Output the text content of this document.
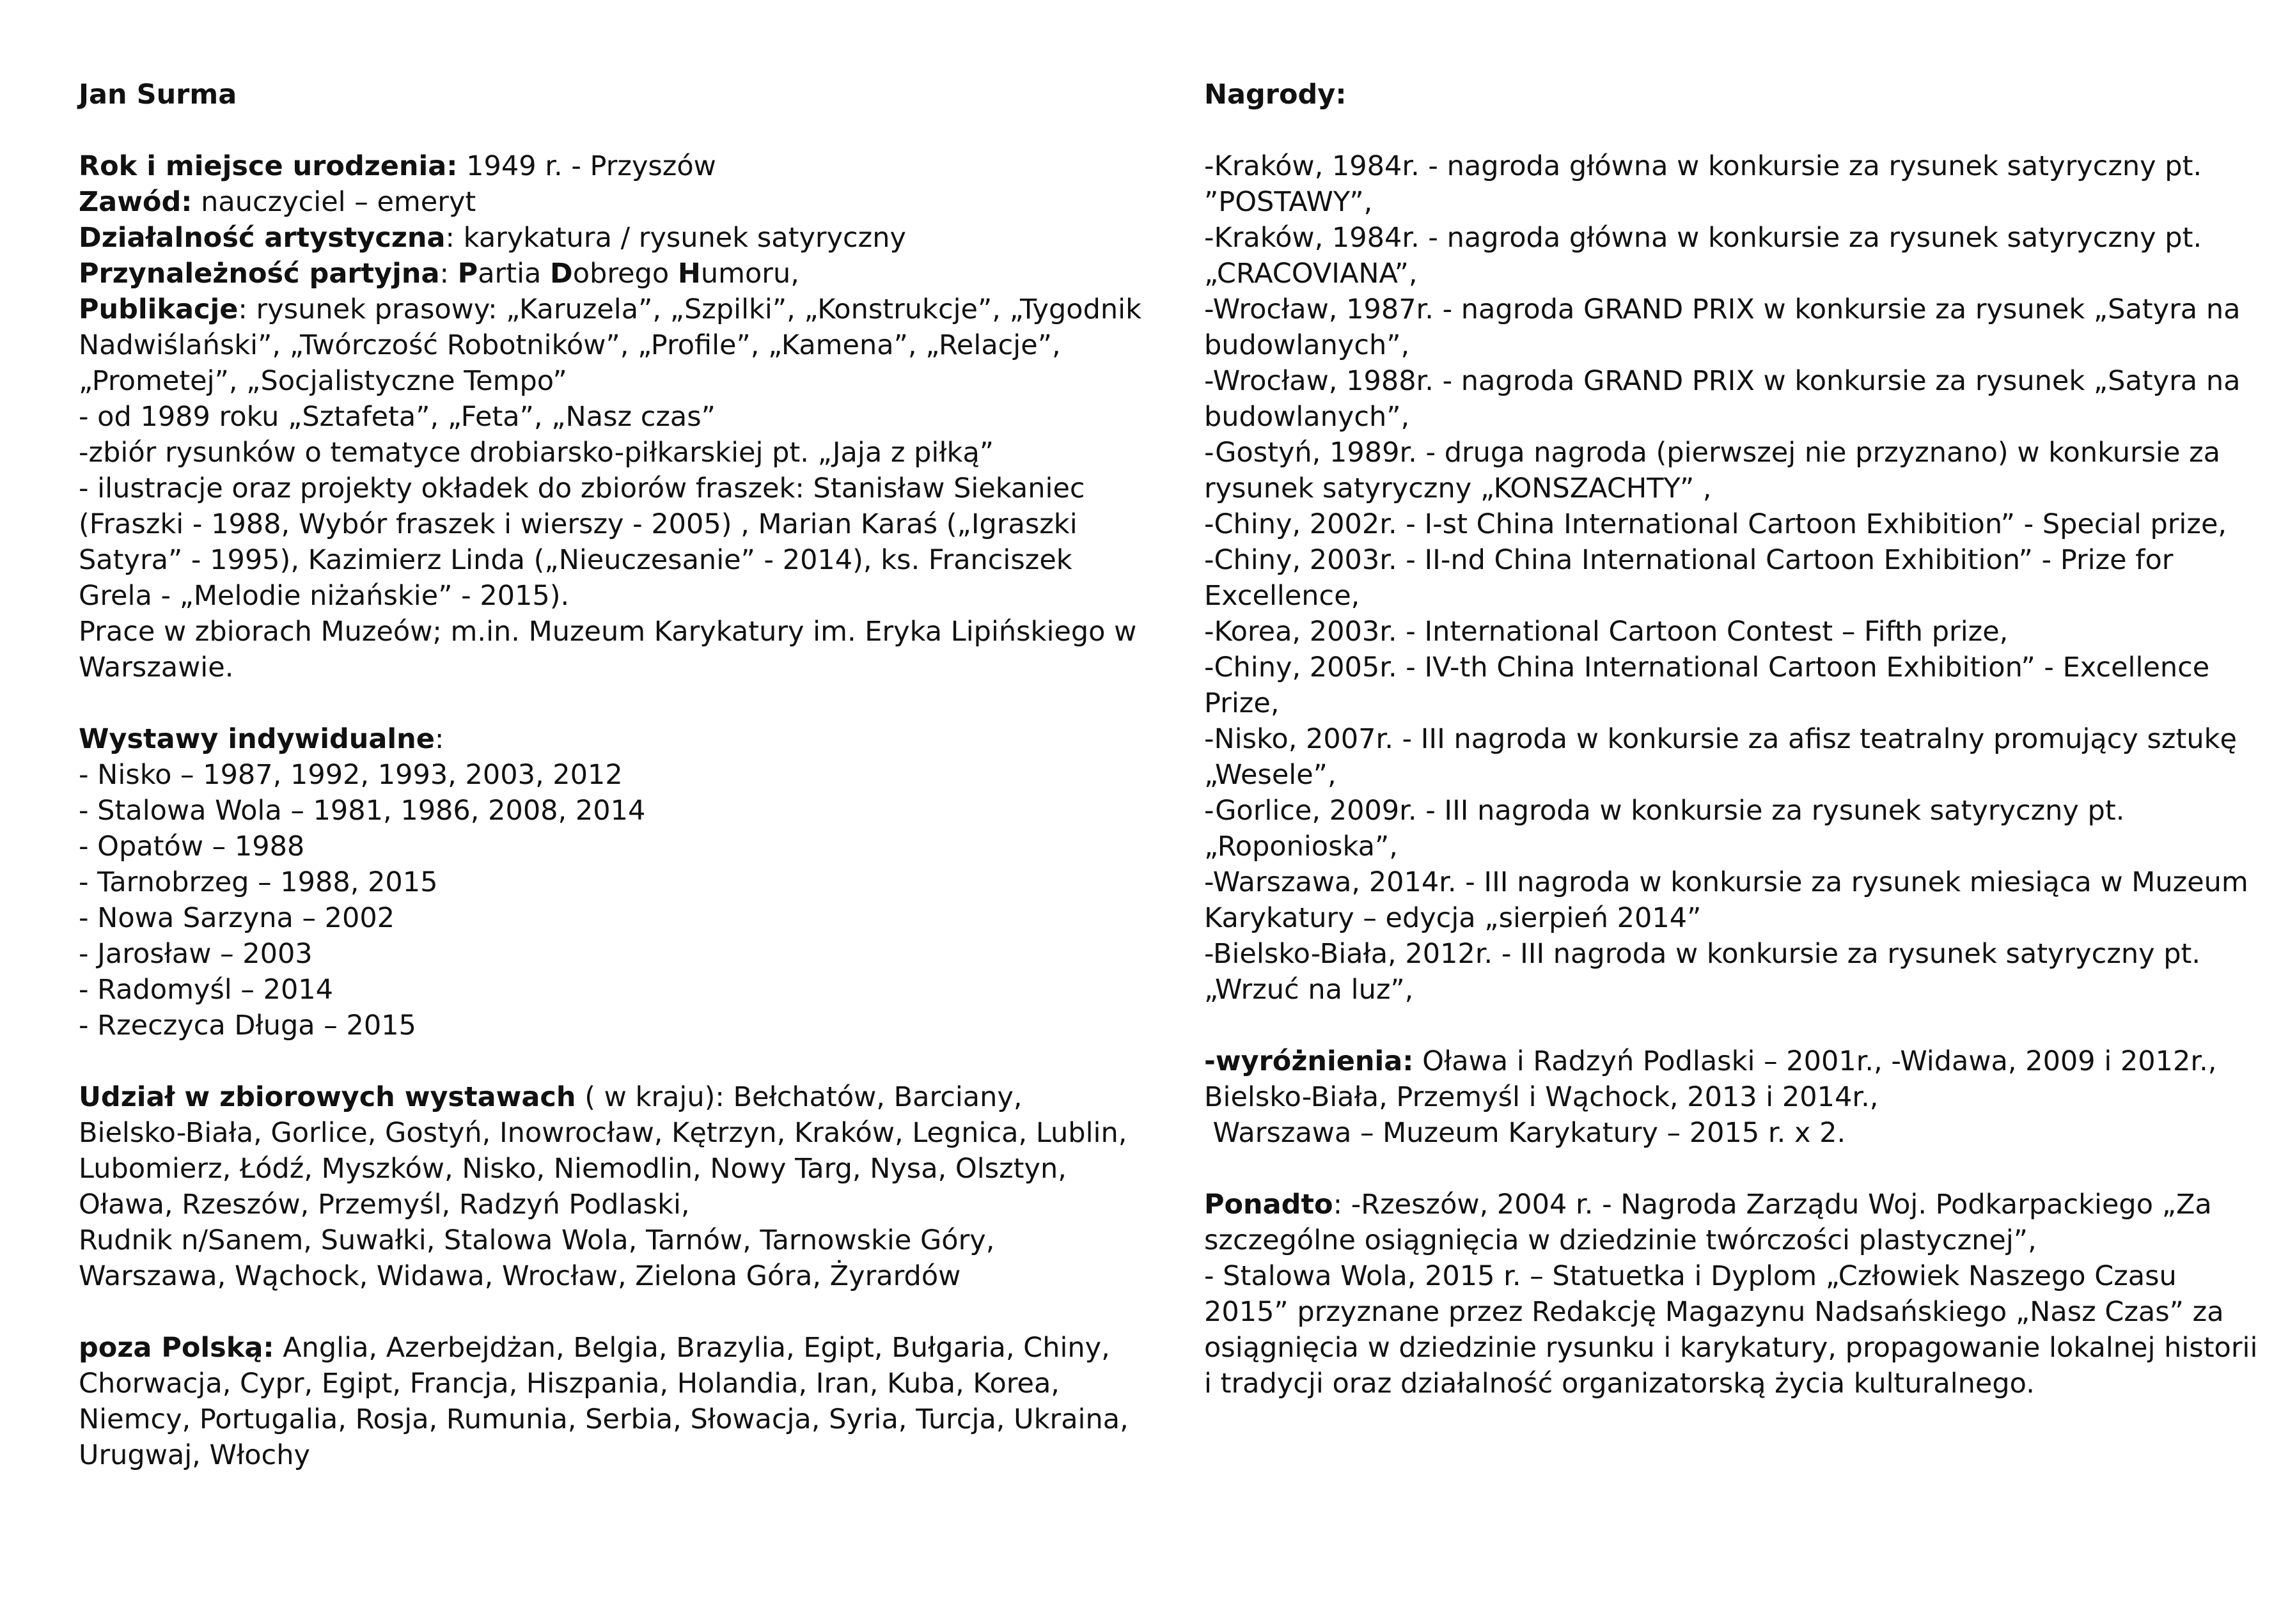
Jan Surma
Rok i miejsce urodzenia: 1949 r. - Przyszów
Zawód: nauczyciel – emeryt
Działalność artystyczna: karykatura / rysunek satyryczny
Przynależność partyjna: Partia Dobrego Humoru,
Publikacje: rysunek prasowy: „Karuzela”, „Szpilki”, „Konstrukcje”, „Tygodnik
Nadwiślański”, „Twórczość Robotników”, „Profile”, „Kamena”, „Relacje”,
„Prometej”, „Socjalistyczne Tempo”
- od 1989 roku „Sztafeta”, „Feta”, „Nasz czas”
-zbiór rysunków o tematyce drobiarsko-piłkarskiej pt. „Jaja z piłką”
- ilustracje oraz projekty okładek do zbiorów fraszek: Stanisław Siekaniec
(Fraszki - 1988, Wybór fraszek i wierszy - 2005) , Marian Karaś („Igraszki
Satyra” - 1995), Kazimierz Linda („Nieuczesanie” - 2014), ks. Franciszek
Grela - „Melodie niżańskie” - 2015).
Prace w zbiorach Muzeów; m.in. Muzeum Karykatury im. Eryka Lipińskiego w
Warszawie.
Wystawy indywidualne:
- Nisko – 1987, 1992, 1993, 2003, 2012
- Stalowa Wola – 1981, 1986, 2008, 2014
- Opatów – 1988
- Tarnobrzeg – 1988, 2015
- Nowa Sarzyna – 2002
- Jarosław – 2003
- Radomyśl – 2014
- Rzeczyca Długa – 2015
Udział w zbiorowych wystawach ( w kraju): Bełchatów, Barciany,
Bielsko-Biała, Gorlice, Gostyń, Inowrocław, Kętrzyn, Kraków, Legnica, Lublin,
Lubomierz, Łódź, Myszków, Nisko, Niemodlin, Nowy Targ, Nysa, Olsztyn,
Oława, Rzeszów, Przemyśl, Radzyń Podlaski,
Rudnik n/Sanem, Suwałki, Stalowa Wola, Tarnów, Tarnowskie Góry,
Warszawa, Wąchock, Widawa, Wrocław, Zielona Góra, Żyrardów
poza Polską: Anglia, Azerbejdżan, Belgia, Brazylia, Egipt, Bułgaria, Chiny,
Chorwacja, Cypr, Egipt, Francja, Hiszpania, Holandia, Iran, Kuba, Korea,
Niemcy, Portugalia, Rosja, Rumunia, Serbia, Słowacja, Syria, Turcja, Ukraina,
Urugwaj, Włochy
Nagrody:
-Kraków, 1984r. - nagroda główna w konkursie za rysunek satyryczny pt.
”POSTAWY”,
-Kraków, 1984r. - nagroda główna w konkursie za rysunek satyryczny pt.
„CRACOVIANA”,
-Wrocław, 1987r. - nagroda GRAND PRIX w konkursie za rysunek „Satyra na
budowlanych”,
-Wrocław, 1988r. - nagroda GRAND PRIX w konkursie za rysunek „Satyra na
budowlanych”,
-Gostyń, 1989r. - druga nagroda (pierwszej nie przyznano) w konkursie za
rysunek satyryczny „KONSZACHTY” ,
-Chiny, 2002r. - I-st China International Cartoon Exhibition” - Special prize,
-Chiny, 2003r. - II-nd China International Cartoon Exhibition” - Prize for
Excellence,
-Korea, 2003r. - International Cartoon Contest – Fifth prize,
-Chiny, 2005r. - IV-th China International Cartoon Exhibition” - Excellence
Prize,
-Nisko, 2007r. - III nagroda w konkursie za afisz teatralny promujący sztukę
„Wesele”,
-Gorlice, 2009r. - III nagroda w konkursie za rysunek satyryczny pt.
„Roponioska”,
-Warszawa, 2014r. - III nagroda w konkursie za rysunek miesiąca w Muzeum
Karykatury – edycja „sierpień 2014”
-Bielsko-Biała, 2012r. - III nagroda w konkursie za rysunek satyryczny pt.
„Wrzuć na luz”,
-wyróżnienia: Oława i Radzyń Podlaski – 2001r., -Widawa, 2009 i 2012r.,
Bielsko-Biała, Przemyśl i Wąchock, 2013 i 2014r.,
Warszawa – Muzeum Karykatury – 2015 r. x 2.
Ponadto: -Rzeszów, 2004 r. - Nagroda Zarządu Woj. Podkarpackiego „Za
szczególne osiągnięcia w dziedzinie twórczości plastycznej”,
- Stalowa Wola, 2015 r. – Statuetka i Dyplom „Człowiek Naszego Czasu
2015” przyznane przez Redakcję Magazynu Nadsańskiego „Nasz Czas” za
osiągnięcia w dziedzinie rysunku i karykatury, propagowanie lokalnej historii
i tradycji oraz działalność organizatorską życia kulturalnego.
